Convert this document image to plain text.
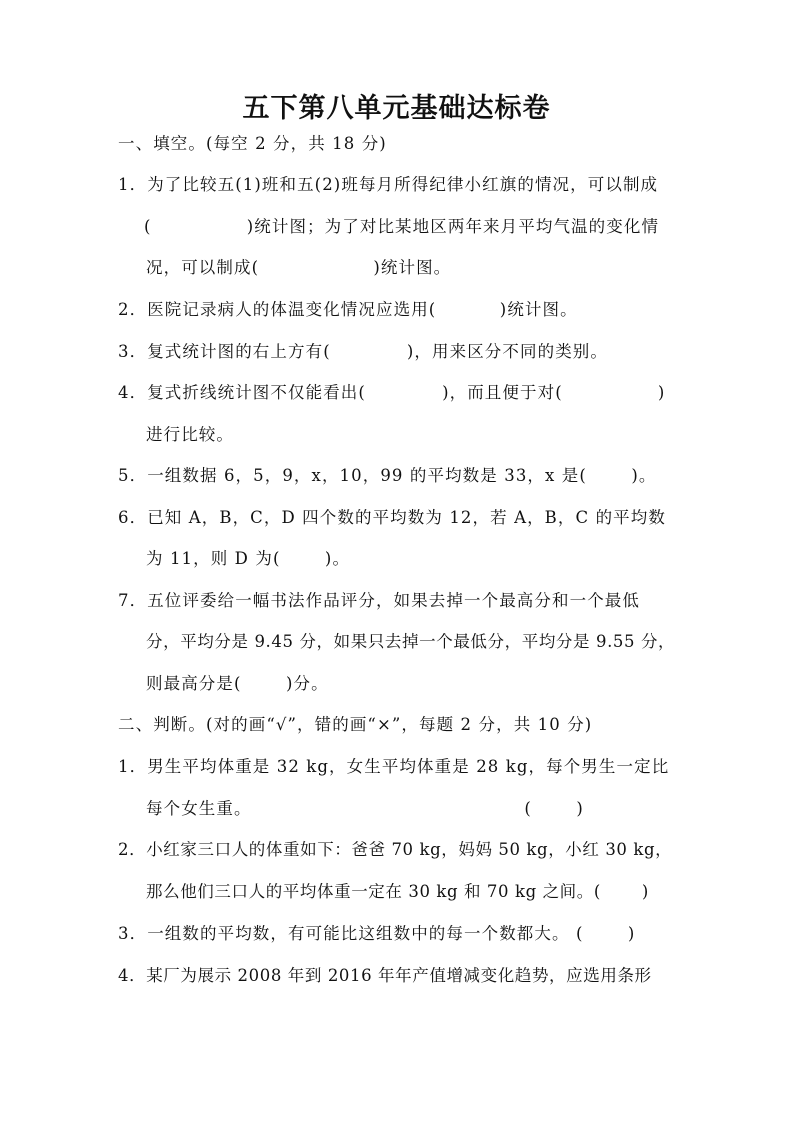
五下第八单元基础达标卷
一、填空。(每空 2 分，共 18 分)
1．为了比较五(1)班和五(2)班每月所得纪律小红旗的情况，可以制成
(               )统计图；为了对比某地区两年来月平均气温的变化情
况，可以制成(                  )统计图。
2．医院记录病人的体温变化情况应选用(          )统计图。
3．复式统计图的右上方有(            )，用来区分不同的类别。
4．复式折线统计图不仅能看出(            )，而且便于对(               )
进行比较。
5．一组数据 6，5，9，x，10，99 的平均数是 33，x 是(       )。
6．已知 A，B，C，D 四个数的平均数为 12，若 A，B，C 的平均数
为 11，则 D 为(       )。
7．五位评委给一幅书法作品评分，如果去掉一个最高分和一个最低
分，平均分是 9.45 分，如果只去掉一个最低分，平均分是 9.55 分，
则最高分是(       )分。
二、判断。(对的画“√”，错的画“×”，每题 2 分，共 10 分)
1．男生平均体重是 32 kg，女生平均体重是 28 kg，每个男生一定比
每个女生重。                                           (       )
2．小红家三口人的体重如下：爸爸 70 kg，妈妈 50 kg，小红 30 kg，
那么他们三口人的平均体重一定在 30 kg 和 70 kg 之间。(       )
3．一组数的平均数，有可能比这组数中的每一个数都大。 (       )
4．某厂为展示 2008 年到 2016 年年产值增减变化趋势，应选用条形
